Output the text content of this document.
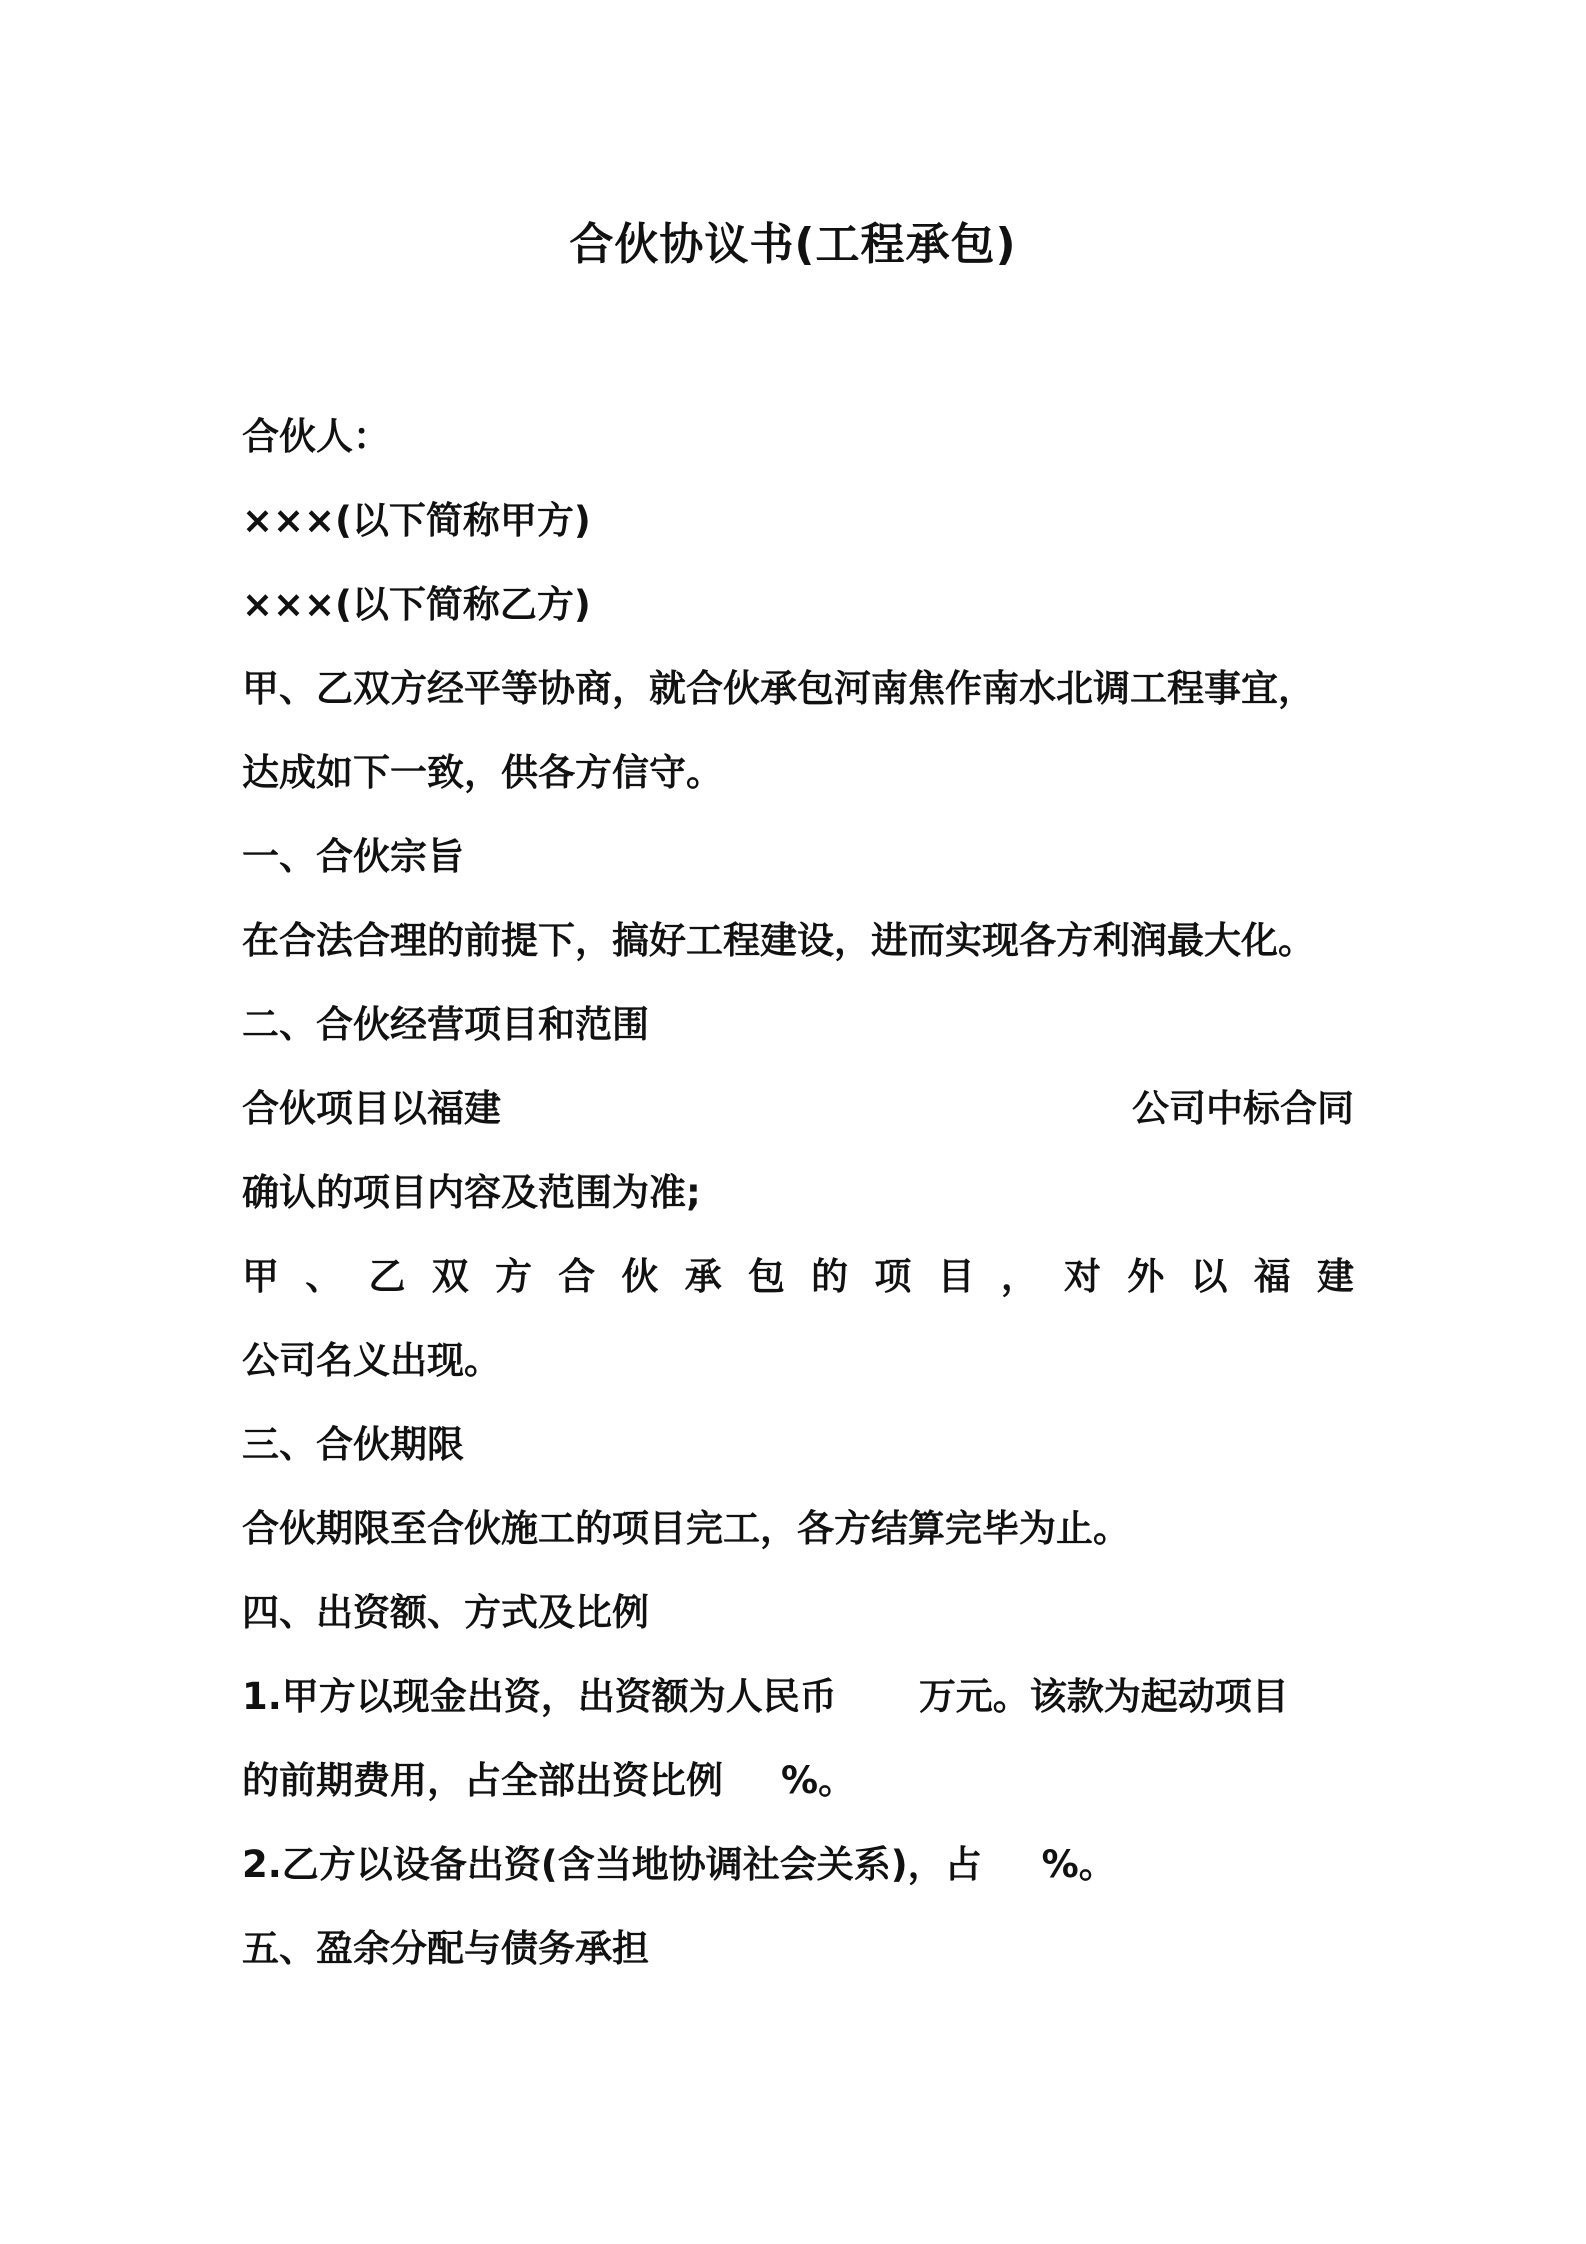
合伙协议书(工程承包)
合伙人：
×××(以下简称甲方)
×××(以下简称乙方)
甲、乙双方经平等协商，就合伙承包河南焦作南水北调工程事宜，
达成如下一致，供各方信守。
一、合伙宗旨
在合法合理的前提下，搞好工程建设，进而实现各方利润最大化。
二、合伙经营项目和范围
合伙项目以福建	公司中标合同
确认的项目内容及范围为准;
甲 、 乙 双 方 合 伙 承 包 的 项 目 ， 对 外 以 福 建
公司名义出现。
三、合伙期限
合伙期限至合伙施工的项目完工，各方结算完毕为止。
四、出资额、方式及比例
1.甲方以现金出资，出资额为人民币 万元。该款为起动项目
的前期费用，占全部出资比例 %。
2.乙方以设备出资(含当地协调社会关系)，占 %。
五、盈余分配与债务承担
